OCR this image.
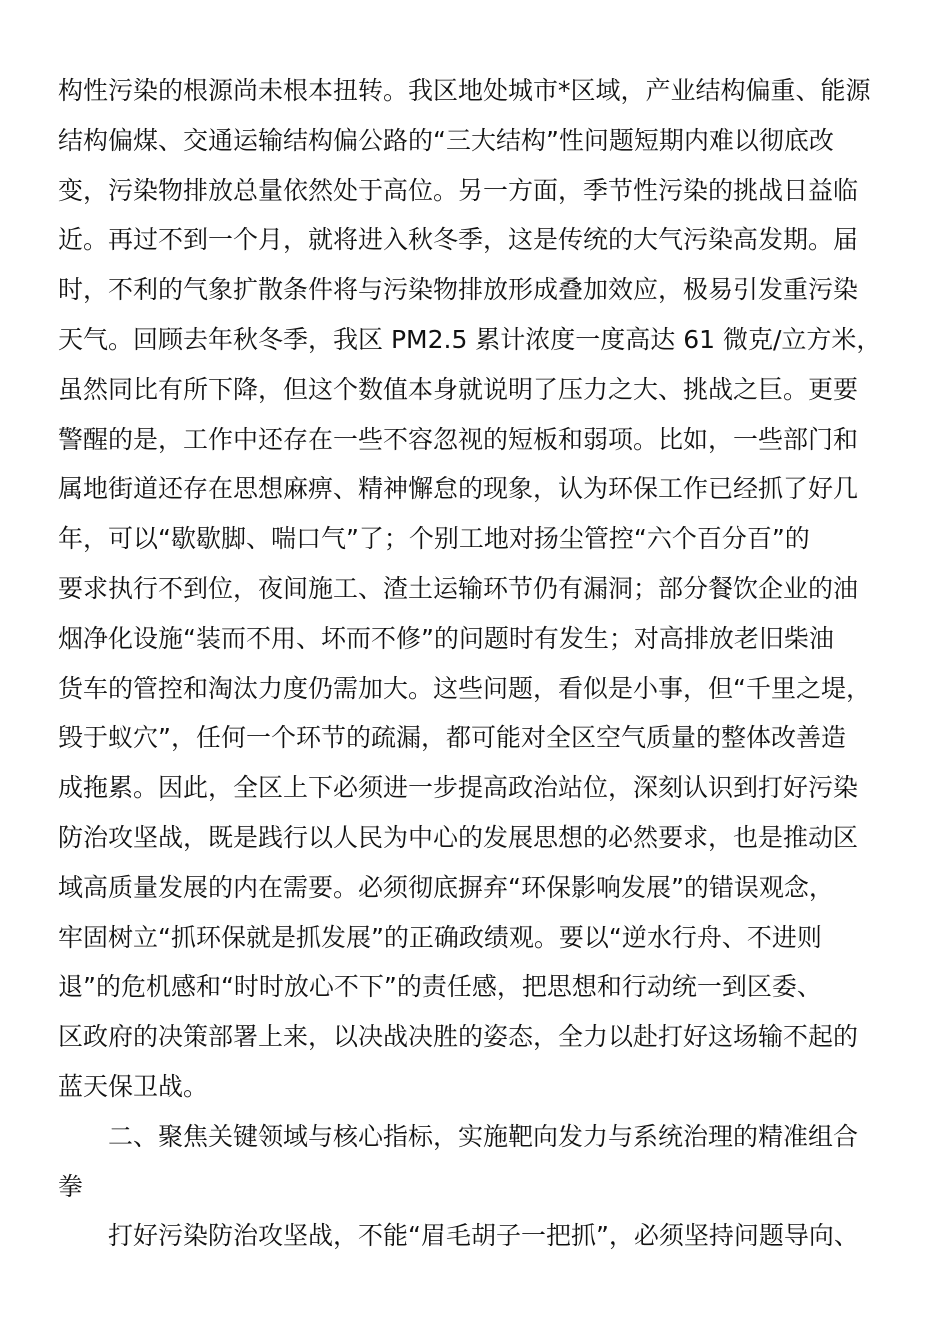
构性污染的根源尚未根本扭转。我区地处城市*区域，产业结构偏重、能源
结构偏煤、交通运输结构偏公路的“三大结构”性问题短期内难以彻底改
变，污染物排放总量依然处于高位。另一方面，季节性污染的挑战日益临
近。再过不到一个月，就将进入秋冬季，这是传统的大气污染高发期。届
时，不利的气象扩散条件将与污染物排放形成叠加效应，极易引发重污染
天气。回顾去年秋冬季，我区 PM2.5 累计浓度一度高达 61 微克/立方米，
虽然同比有所下降，但这个数值本身就说明了压力之大、挑战之巨。更要
警醒的是，工作中还存在一些不容忽视的短板和弱项。比如，一些部门和
属地街道还存在思想麻痹、精神懈怠的现象，认为环保工作已经抓了好几
年，可以“歇歇脚、喘口气”了；个别工地对扬尘管控“六个百分百”的
要求执行不到位，夜间施工、渣土运输环节仍有漏洞；部分餐饮企业的油
烟净化设施“装而不用、坏而不修”的问题时有发生；对高排放老旧柴油
货车的管控和淘汰力度仍需加大。这些问题，看似是小事，但“千里之堤，
毁于蚁穴”，任何一个环节的疏漏，都可能对全区空气质量的整体改善造
成拖累。因此，全区上下必须进一步提高政治站位，深刻认识到打好污染
防治攻坚战，既是践行以人民为中心的发展思想的必然要求，也是推动区
域高质量发展的内在需要。必须彻底摒弃“环保影响发展”的错误观念，
牢固树立“抓环保就是抓发展”的正确政绩观。要以“逆水行舟、不进则
退”的危机感和“时时放心不下”的责任感，把思想和行动统一到区委、
区政府的决策部署上来，以决战决胜的姿态，全力以赴打好这场输不起的
蓝天保卫战。
二、聚焦关键领域与核心指标，实施靶向发力与系统治理的精准组合
拳
打好污染防治攻坚战，不能“眉毛胡子一把抓”，必须坚持问题导向、
